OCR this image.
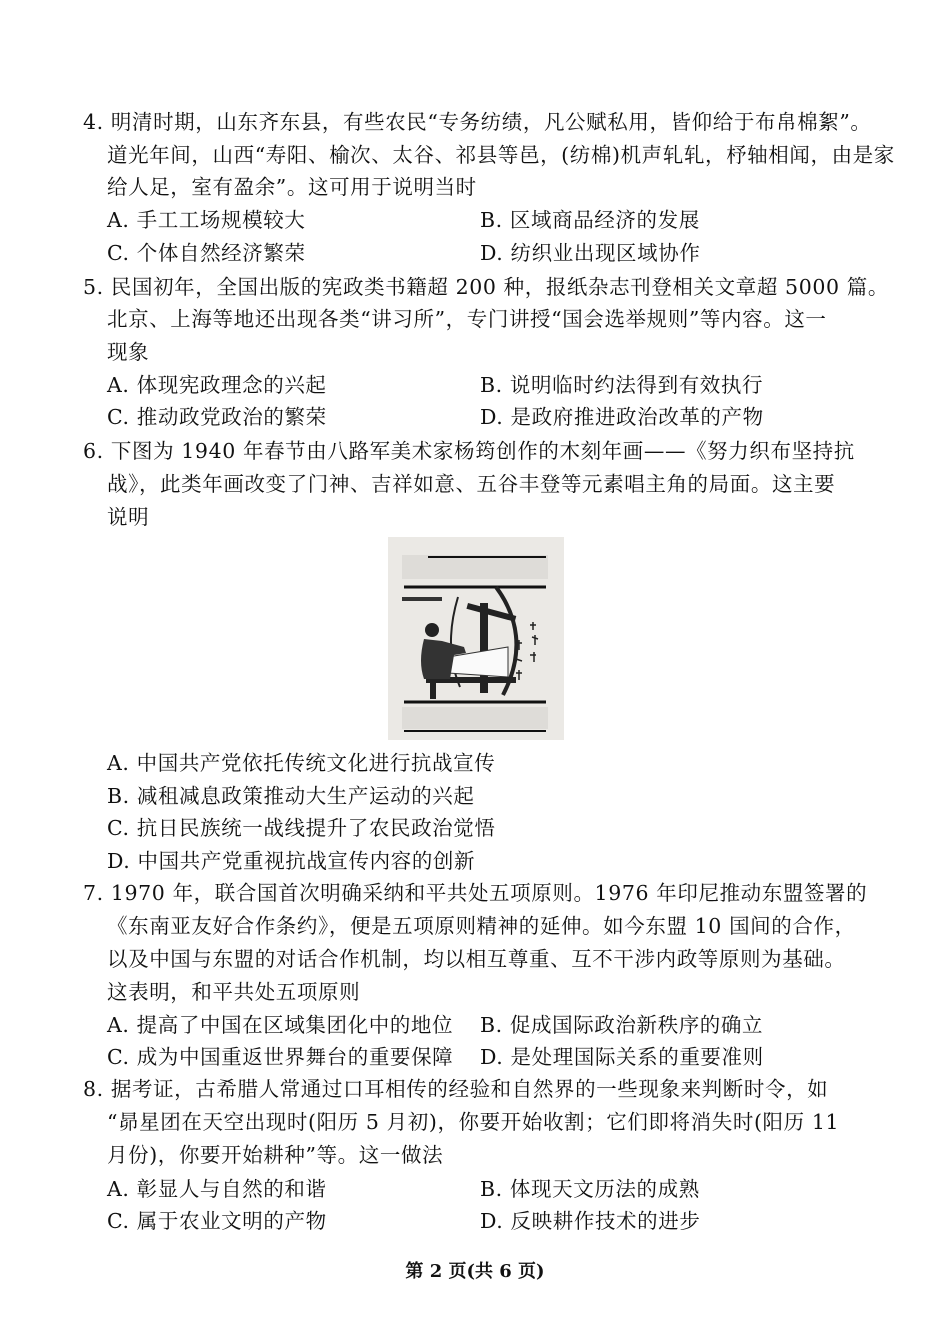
4. 明清时期，山东齐东县，有些农民“专务纺绩，凡公赋私用，皆仰给于布帛棉絮”。
道光年间，山西“寿阳、榆次、太谷、祁县等邑，(纺棉)机声轧轧，杼轴相闻，由是家
给人足，室有盈余”。这可用于说明当时
A. 手工工场规模较大	B. 区域商品经济的发展
C. 个体自然经济繁荣	D. 纺织业出现区域协作
5. 民国初年，全国出版的宪政类书籍超 200 种，报纸杂志刊登相关文章超 5000 篇。
北京、上海等地还出现各类“讲习所”，专门讲授“国会选举规则”等内容。这一
现象
A. 体现宪政理念的兴起	B. 说明临时约法得到有效执行
C. 推动政党政治的繁荣	D. 是政府推进政治改革的产物
6. 下图为 1940 年春节由八路军美术家杨筠创作的木刻年画——《努力织布坚持抗
战》，此类年画改变了门神、吉祥如意、五谷丰登等元素唱主角的局面。这主要
说明
A. 中国共产党依托传统文化进行抗战宣传
B. 减租减息政策推动大生产运动的兴起
C. 抗日民族统一战线提升了农民政治觉悟
D. 中国共产党重视抗战宣传内容的创新
7. 1970 年，联合国首次明确采纳和平共处五项原则。1976 年印尼推动东盟签署的
《东南亚友好合作条约》，便是五项原则精神的延伸。如今东盟 10 国间的合作，
以及中国与东盟的对话合作机制，均以相互尊重、互不干涉内政等原则为基础。
这表明，和平共处五项原则
A. 提高了中国在区域集团化中的地位 B. 促成国际政治新秩序的确立
C. 成为中国重返世界舞台的重要保障 D. 是处理国际关系的重要准则
8. 据考证，古希腊人常通过口耳相传的经验和自然界的一些现象来判断时令，如
“昴星团在天空出现时(阳历 5 月初)，你要开始收割；它们即将消失时(阳历 11
月份)，你要开始耕种”等。这一做法
A. 彰显人与自然的和谐	B. 体现天文历法的成熟
C. 属于农业文明的产物	D. 反映耕作技术的进步
第 2 页(共 6 页)
